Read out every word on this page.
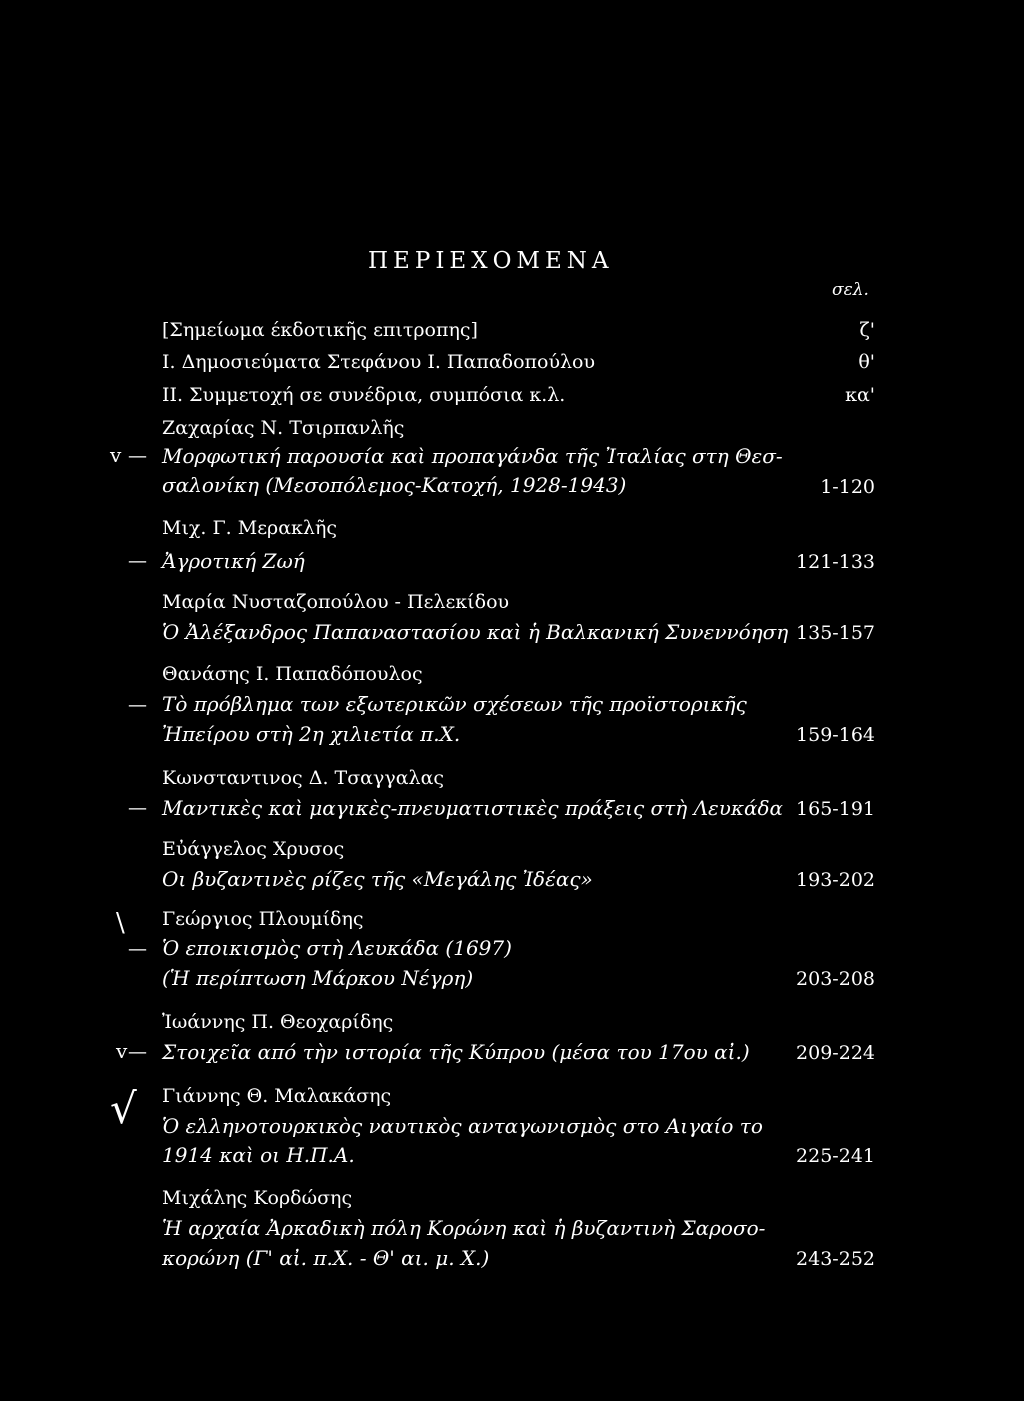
ΠΕΡΙΕΧΟΜΕΝΑ
σελ.
[Σημείωμα έκδοτικῆς επιτροπης]	ζ'
I. Δημοσιεύματα Στεφάνου I. Παπαδοπούλου	θ'
II. Συμμετοχή σε συνέδρια, συμπόσια κ.λ.	κα'
Ζαχαρίας Ν. Τσιρπανλῆς
v — Μορφωτική παρουσία καὶ προπαγάνδα τῆς Ἰταλίας στη Θεσ-
σαλονίκη (Μεσοπόλεμος-Κατοχή, 1928-1943)	1-120
Μιχ. Γ. Μερακλῆς
— Ἀγροτική Ζωή	121-133
Μαρία Νυσταζοπούλου - Πελεκίδου
Ὁ Ἀλέξανδρος Παπαναστασίου καὶ ἡ Βαλκανική Συνεννόηση 135-157
Θανάσης Ι. Παπαδόπουλος
— Τὸ πρόβλημα των εξωτερικῶν σχέσεων τῆς προϊστορικῆς
Ἠπείρου στὴ 2η χιλιετία π.Χ.	159-164
Κωνσταντινος Δ. Τσαγγαλας
— Μαντικὲς καὶ μαγικὲς-πνευματιστικὲς πράξεις στὴ Λευκάδα 165-191
Εὐάγγελος Χρυσος
Οι βυζαντινὲς ρίζες τῆς «Μεγάλης Ἰδέας»	193-202
\ Γεώργιος Πλουμίδης
— Ὁ εποικισμὸς στὴ Λευκάδα (1697)
(Ἡ περίπτωση Μάρκου Νέγρη)	203-208
Ἰωάννης Π. Θεοχαρίδης
v — Στοιχεῖα από τὴν ιστορία τῆς Κύπρου (μέσα του 17ου αἰ.)	209-224
√ Γιάννης Θ. Μαλακάσης
Ὁ ελληνοτουρκικὸς ναυτικὸς ανταγωνισμὸς στο Αιγαίο το
1914 καὶ οι Η.Π.Α.	225-241
Μιχάλης Κορδώσης
Ἡ αρχαία Ἀρκαδικὴ πόλη Κορώνη καὶ ἡ βυζαντινὴ Σαροσο-
κορώνη (Γ' αἰ. π.Χ. - Θ' αι. μ. Χ.)	243-252
